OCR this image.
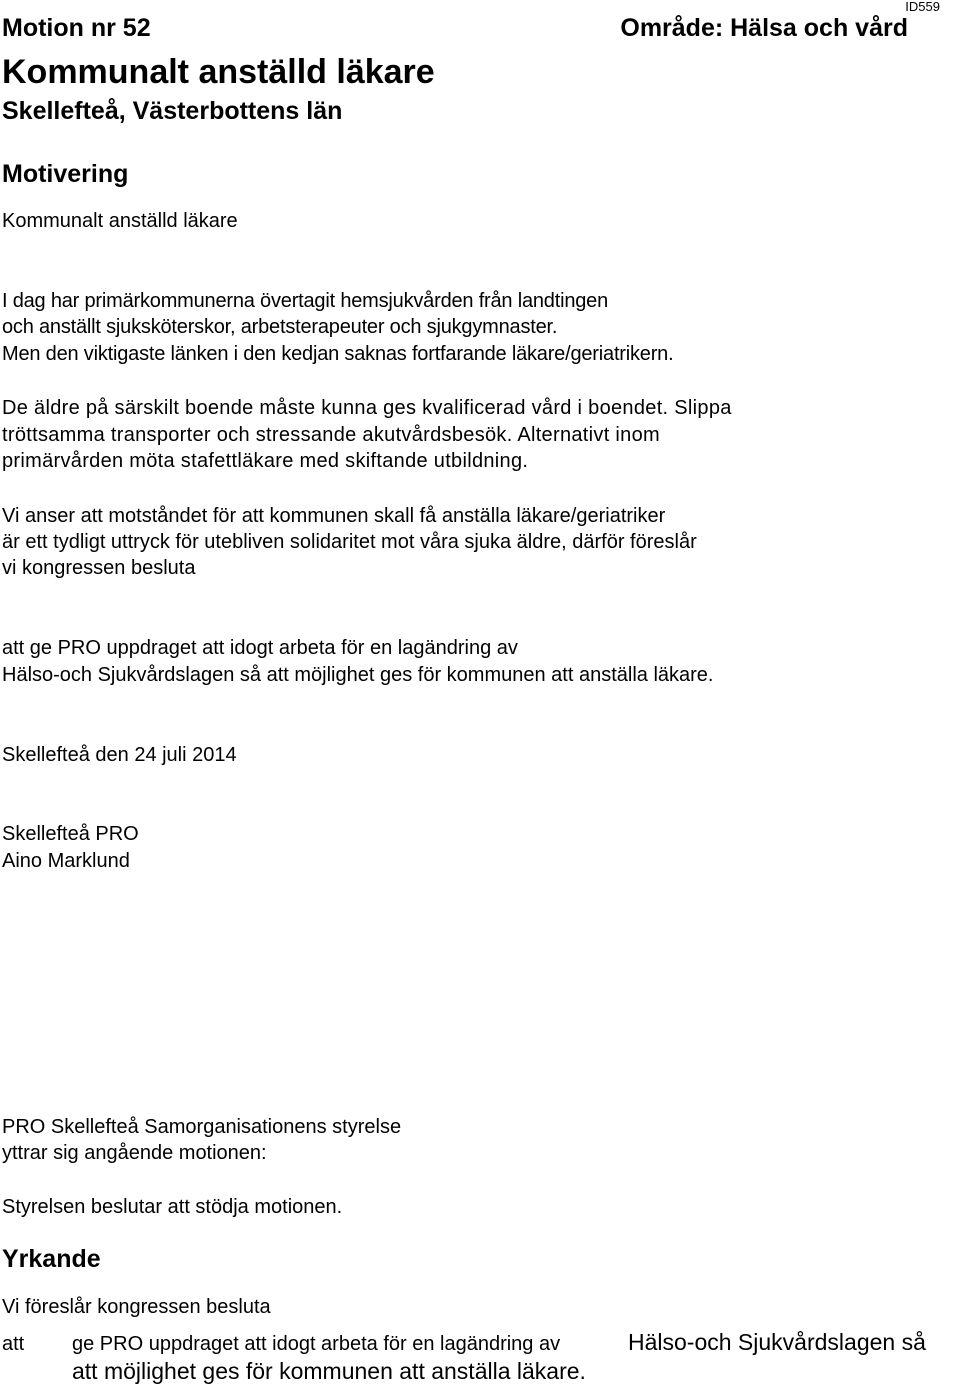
ID559
Motion nr 52	Område: Hälsa och vård
Kommunalt anställd läkare
Skellefteå, Västerbottens län
Motivering
Kommunalt anställd läkare
I dag har primärkommunerna övertagit hemsjukvården från landtingen
och anställt sjuksköterskor, arbetsterapeuter och sjukgymnaster.
Men den viktigaste länken i den kedjan saknas fortfarande läkare/geriatrikern.
De äldre på särskilt boende måste kunna ges kvalificerad vård i boendet. Slippa
tröttsamma transporter och stressande akutvårdsbesök. Alternativt inom
primärvården möta stafettläkare med skiftande utbildning.
Vi anser att motståndet för att kommunen skall få anställa läkare/geriatriker
är ett tydligt uttryck för utebliven solidaritet mot våra sjuka äldre, därför föreslår
vi kongressen besluta
att ge PRO uppdraget att idogt arbeta för en lagändring av
Hälso-och Sjukvårdslagen så att möjlighet ges för kommunen att anställa läkare.
Skellefteå den 24 juli 2014
Skellefteå PRO
Aino Marklund
PRO Skellefteå Samorganisationens styrelse
yttrar sig angående motionen:
Styrelsen beslutar att stödja motionen.
Yrkande
Vi föreslår kongressen besluta
att ge PRO uppdraget att idogt arbeta för en lagändring av	Hälso-och Sjukvårdslagen så
att möjlighet ges för kommunen att anställa läkare.
